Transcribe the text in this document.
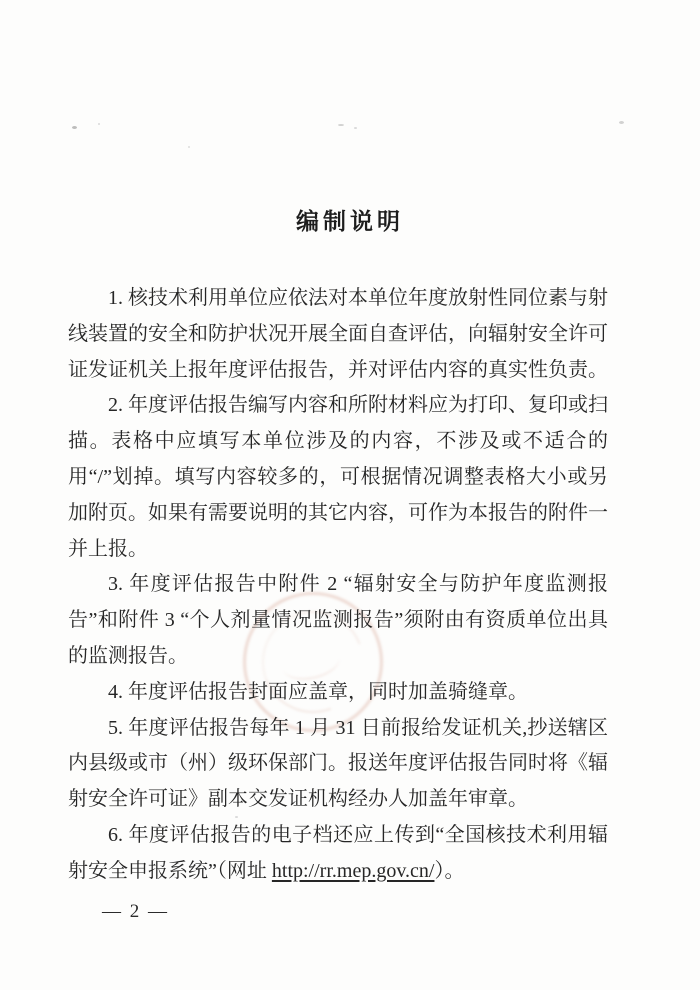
编制说明

1. 核技术利用单位应依法对本单位年度放射性同位素与射线装置的安全和防护状况开展全面自查评估，向辐射安全许可证发证机关上报年度评估报告，并对评估内容的真实性负责。

2. 年度评估报告编写内容和所附材料应为打印、复印或扫描。表格中应填写本单位涉及的内容，不涉及或不适合的用“/”划掉。填写内容较多的，可根据情况调整表格大小或另加附页。如果有需要说明的其它内容，可作为本报告的附件一并上报。

3. 年度评估报告中附件 2 “辐射安全与防护年度监测报告”和附件 3 “个人剂量情况监测报告”须附由有资质单位出具的监测报告。

4. 年度评估报告封面应盖章，同时加盖骑缝章。

5. 年度评估报告每年 1 月 31 日前报给发证机关,抄送辖区内县级或市（州）级环保部门。报送年度评估报告同时将《辐射安全许可证》副本交发证机构经办人加盖年审章。

6. 年度评估报告的电子档还应上传到“全国核技术利用辐射安全申报系统”（网址 http://rr.mep.gov.cn/）。

— 2 —
